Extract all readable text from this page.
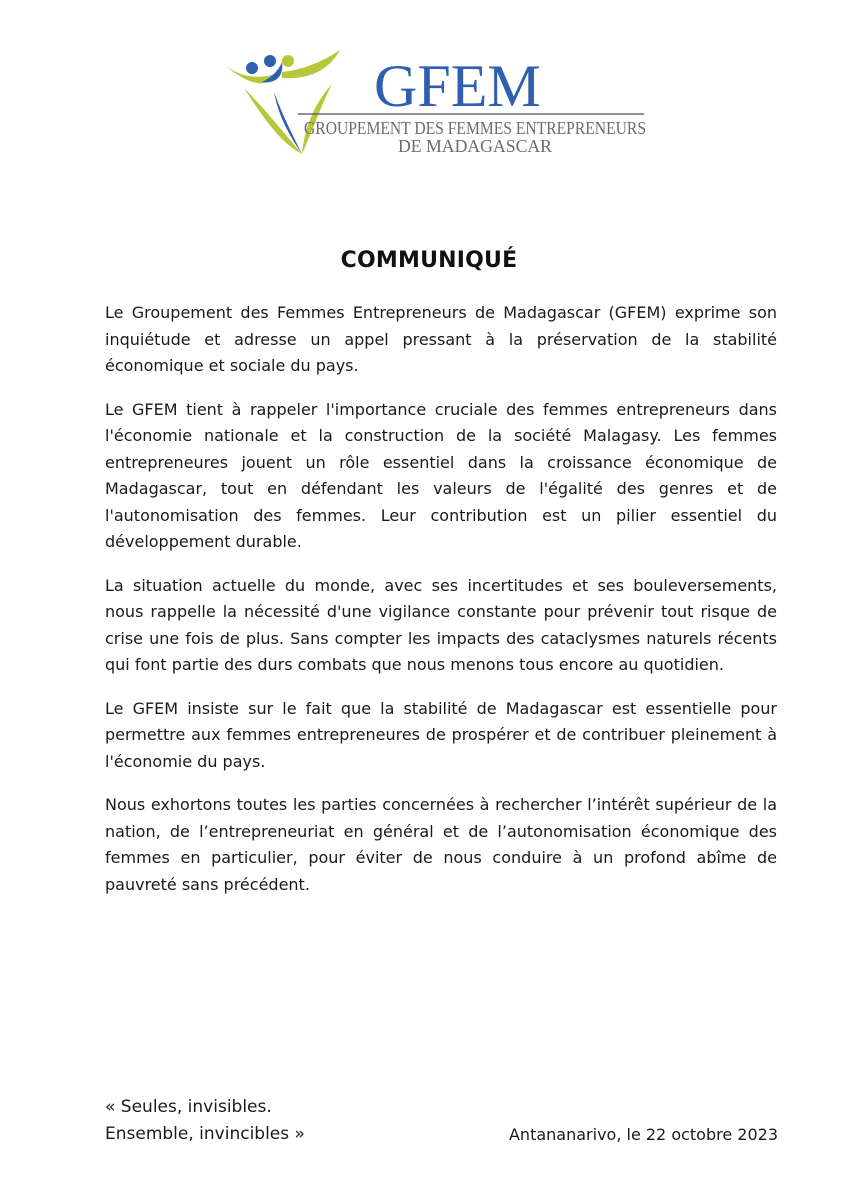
GFEM
GROUPEMENT DES FEMMES ENTREPRENEURS
DE MADAGASCAR
COMMUNIQUÉ

Le Groupement des Femmes Entrepreneurs de Madagascar (GFEM) exprime son inquiétude et adresse un appel pressant à la préservation de la stabilité économique et sociale du pays.

Le GFEM tient à rappeler l'importance cruciale des femmes entrepreneurs dans l'économie nationale et la construction de la société Malagasy. Les femmes entrepreneures jouent un rôle essentiel dans la croissance économique de Madagascar, tout en défendant les valeurs de l'égalité des genres et de l'autonomisation des femmes. Leur contribution est un pilier essentiel du développement durable.

La situation actuelle du monde, avec ses incertitudes et ses bouleversements, nous rappelle la nécessité d'une vigilance constante pour prévenir tout risque de crise une fois de plus. Sans compter les impacts des cataclysmes naturels récents qui font partie des durs combats que nous menons tous encore au quotidien.

Le GFEM insiste sur le fait que la stabilité de Madagascar est essentielle pour permettre aux femmes entrepreneures de prospérer et de contribuer pleinement à l'économie du pays.

Nous exhortons toutes les parties concernées à rechercher l’intérêt supérieur de la nation, de l’entrepreneuriat en général et de l’autonomisation économique des femmes en particulier, pour éviter de nous conduire à un profond abîme de pauvreté sans précédent.

« Seules, invisibles.
Ensemble, invincibles »	Antananarivo, le 22 octobre 2023
